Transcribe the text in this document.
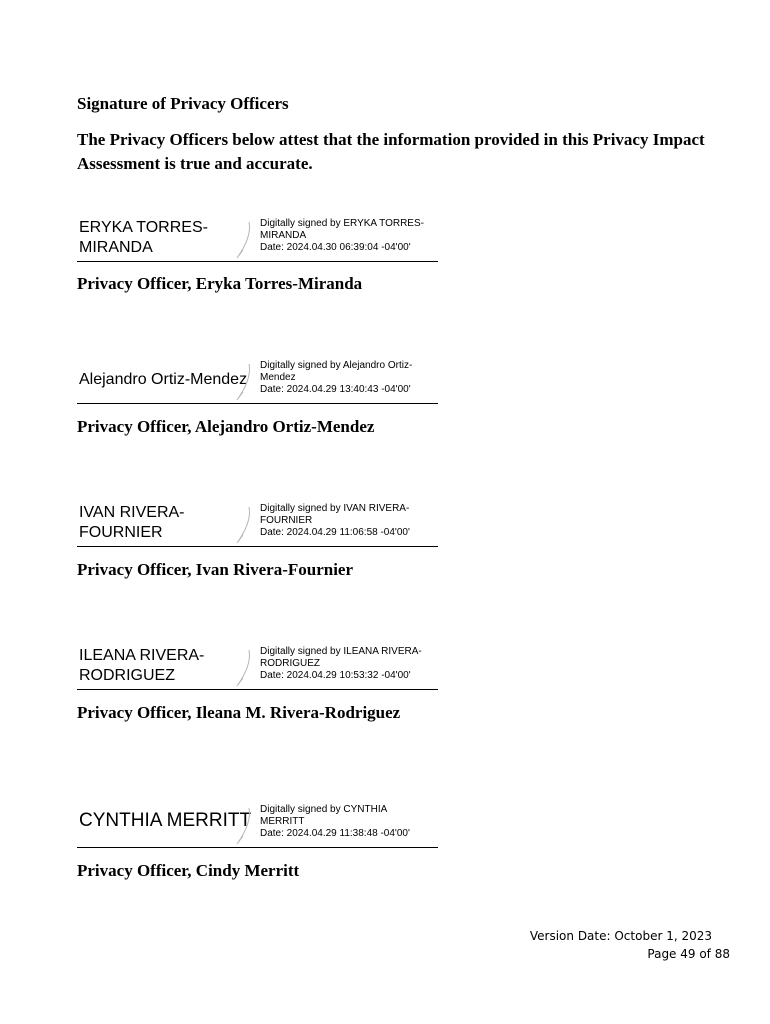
Signature of Privacy Officers

The Privacy Officers below attest that the information provided in this Privacy Impact Assessment is true and accurate.

ERYKA TORRES-
MIRANDA
Digitally signed by ERYKA TORRES-
MIRANDA
Date: 2024.04.30 06:39:04 -04'00'

Privacy Officer, Eryka Torres-Miranda

Alejandro Ortiz-Mendez
Digitally signed by Alejandro Ortiz-
Mendez
Date: 2024.04.29 13:40:43 -04'00'

Privacy Officer, Alejandro Ortiz-Mendez

IVAN RIVERA-
FOURNIER
Digitally signed by IVAN RIVERA-
FOURNIER
Date: 2024.04.29 11:06:58 -04'00'

Privacy Officer, Ivan Rivera-Fournier

ILEANA RIVERA-
RODRIGUEZ
Digitally signed by ILEANA RIVERA-
RODRIGUEZ
Date: 2024.04.29 10:53:32 -04'00'

Privacy Officer, Ileana M. Rivera-Rodriguez

CYNTHIA MERRITT
Digitally signed by CYNTHIA
MERRITT
Date: 2024.04.29 11:38:48 -04'00'

Privacy Officer, Cindy Merritt

Version Date: October 1, 2023
Page 49 of 88
